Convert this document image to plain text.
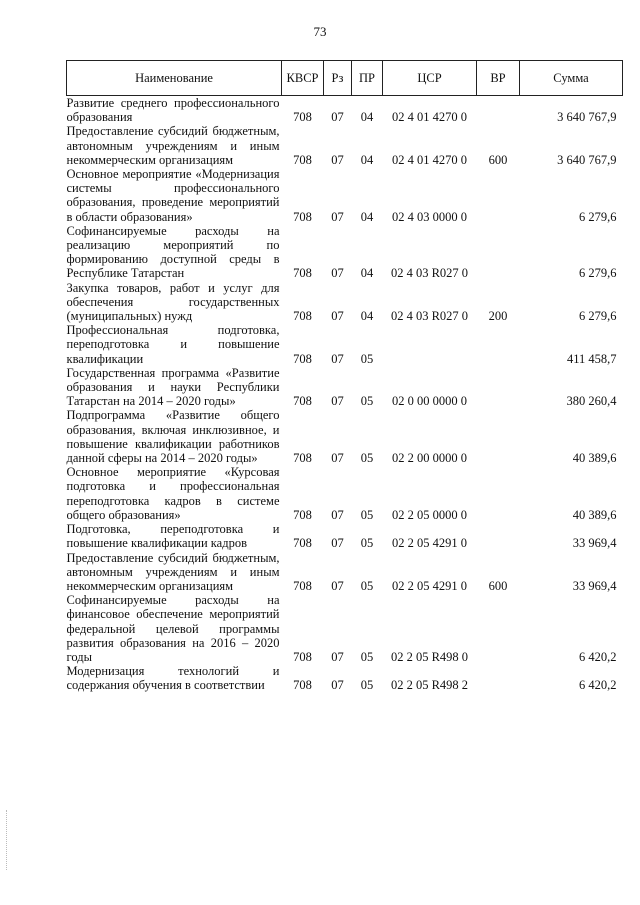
73
Наименование	КВСР	Рз	ПР	ЦСР	ВР	Сумма
Развитие среднего профессионального образования	708	07	04	02 4 01 4270 0		3 640 767,9
Предоставление субсидий бюджетным, автономным учреждениям и иным некоммерческим организациям	708	07	04	02 4 01 4270 0	600	3 640 767,9
Основное мероприятие «Модернизация системы профессионального образования, проведение мероприятий в области образования»	708	07	04	02 4 03 0000 0		6 279,6
Софинансируемые расходы на реализацию мероприятий по формированию доступной среды в Республике Татарстан	708	07	04	02 4 03 R027 0		6 279,6
Закупка товаров, работ и услуг для обеспечения государственных (муниципальных) нужд	708	07	04	02 4 03 R027 0	200	6 279,6
Профессиональная подготовка, переподготовка и повышение квалификации	708	07	05			411 458,7
Государственная программа «Развитие образования и науки Республики Татарстан на 2014 – 2020 годы»	708	07	05	02 0 00 0000 0		380 260,4
Подпрограмма «Развитие общего образования, включая инклюзивное, и повышение квалификации работников данной сферы на 2014 – 2020 годы»	708	07	05	02 2 00 0000 0		40 389,6
Основное мероприятие «Курсовая подготовка и профессиональная переподготовка кадров в системе общего образования»	708	07	05	02 2 05 0000 0		40 389,6
Подготовка, переподготовка и повышение квалификации кадров	708	07	05	02 2 05 4291 0		33 969,4
Предоставление субсидий бюджетным, автономным учреждениям и иным некоммерческим организациям	708	07	05	02 2 05 4291 0	600	33 969,4
Софинансируемые расходы на финансовое обеспечение мероприятий федеральной целевой программы развития образования на 2016 – 2020 годы	708	07	05	02 2 05 R498 0		6 420,2
Модернизация технологий и содержания обучения в соответствии	708	07	05	02 2 05 R498 2		6 420,2
